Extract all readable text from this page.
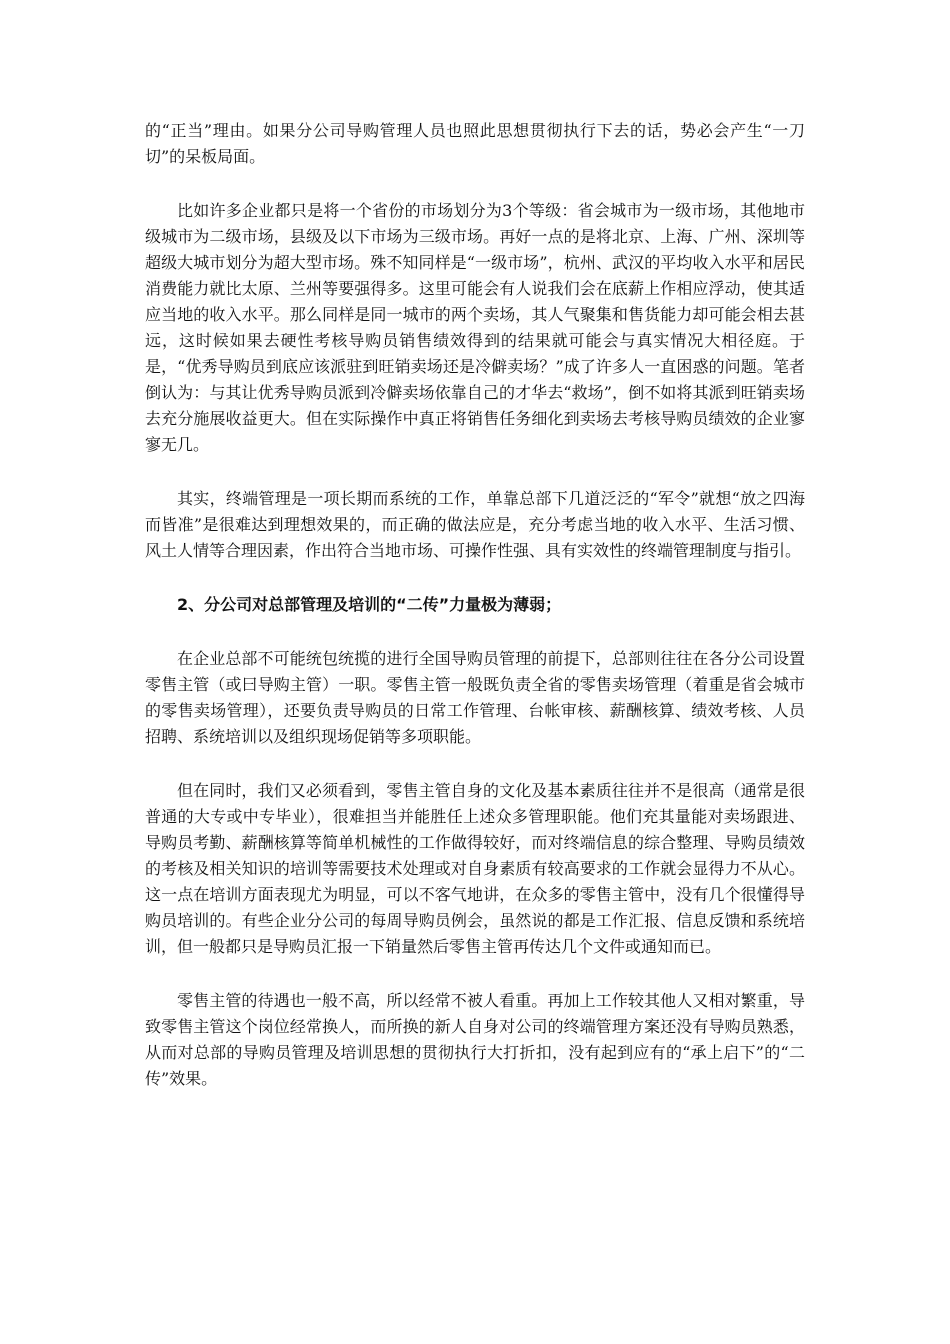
的“正当”理由。如果分公司导购管理人员也照此思想贯彻执行下去的话，势必会产生“一刀切”的呆板局面。

比如许多企业都只是将一个省份的市场划分为3个等级：省会城市为一级市场，其他地市级城市为二级市场，县级及以下市场为三级市场。再好一点的是将北京、上海、广州、深圳等超级大城市划分为超大型市场。殊不知同样是“一级市场”，杭州、武汉的平均收入水平和居民消费能力就比太原、兰州等要强得多。这里可能会有人说我们会在底薪上作相应浮动，使其适应当地的收入水平。那么同样是同一城市的两个卖场，其人气聚集和售货能力却可能会相去甚远，这时候如果去硬性考核导购员销售绩效得到的结果就可能会与真实情况大相径庭。于是，“优秀导购员到底应该派驻到旺销卖场还是冷僻卖场？”成了许多人一直困惑的问题。笔者倒认为：与其让优秀导购员派到冷僻卖场依靠自己的才华去“救场”，倒不如将其派到旺销卖场去充分施展收益更大。但在实际操作中真正将销售任务细化到卖场去考核导购员绩效的企业寥寥无几。

其实，终端管理是一项长期而系统的工作，单靠总部下几道泛泛的“军令”就想“放之四海而皆准”是很难达到理想效果的，而正确的做法应是，充分考虑当地的收入水平、生活习惯、风土人情等合理因素，作出符合当地市场、可操作性强、具有实效性的终端管理制度与指引。

2、分公司对总部管理及培训的“二传”力量极为薄弱；

在企业总部不可能统包统揽的进行全国导购员管理的前提下，总部则往往在各分公司设置零售主管（或曰导购主管）一职。零售主管一般既负责全省的零售卖场管理（着重是省会城市的零售卖场管理），还要负责导购员的日常工作管理、台帐审核、薪酬核算、绩效考核、人员招聘、系统培训以及组织现场促销等多项职能。

但在同时，我们又必须看到，零售主管自身的文化及基本素质往往并不是很高（通常是很普通的大专或中专毕业），很难担当并能胜任上述众多管理职能。他们充其量能对卖场跟进、导购员考勤、薪酬核算等简单机械性的工作做得较好，而对终端信息的综合整理、导购员绩效的考核及相关知识的培训等需要技术处理或对自身素质有较高要求的工作就会显得力不从心。这一点在培训方面表现尤为明显，可以不客气地讲，在众多的零售主管中，没有几个很懂得导购员培训的。有些企业分公司的每周导购员例会，虽然说的都是工作汇报、信息反馈和系统培训，但一般都只是导购员汇报一下销量然后零售主管再传达几个文件或通知而已。

零售主管的待遇也一般不高，所以经常不被人看重。再加上工作较其他人又相对繁重，导致零售主管这个岗位经常换人，而所换的新人自身对公司的终端管理方案还没有导购员熟悉，从而对总部的导购员管理及培训思想的贯彻执行大打折扣，没有起到应有的“承上启下”的“二传”效果。
